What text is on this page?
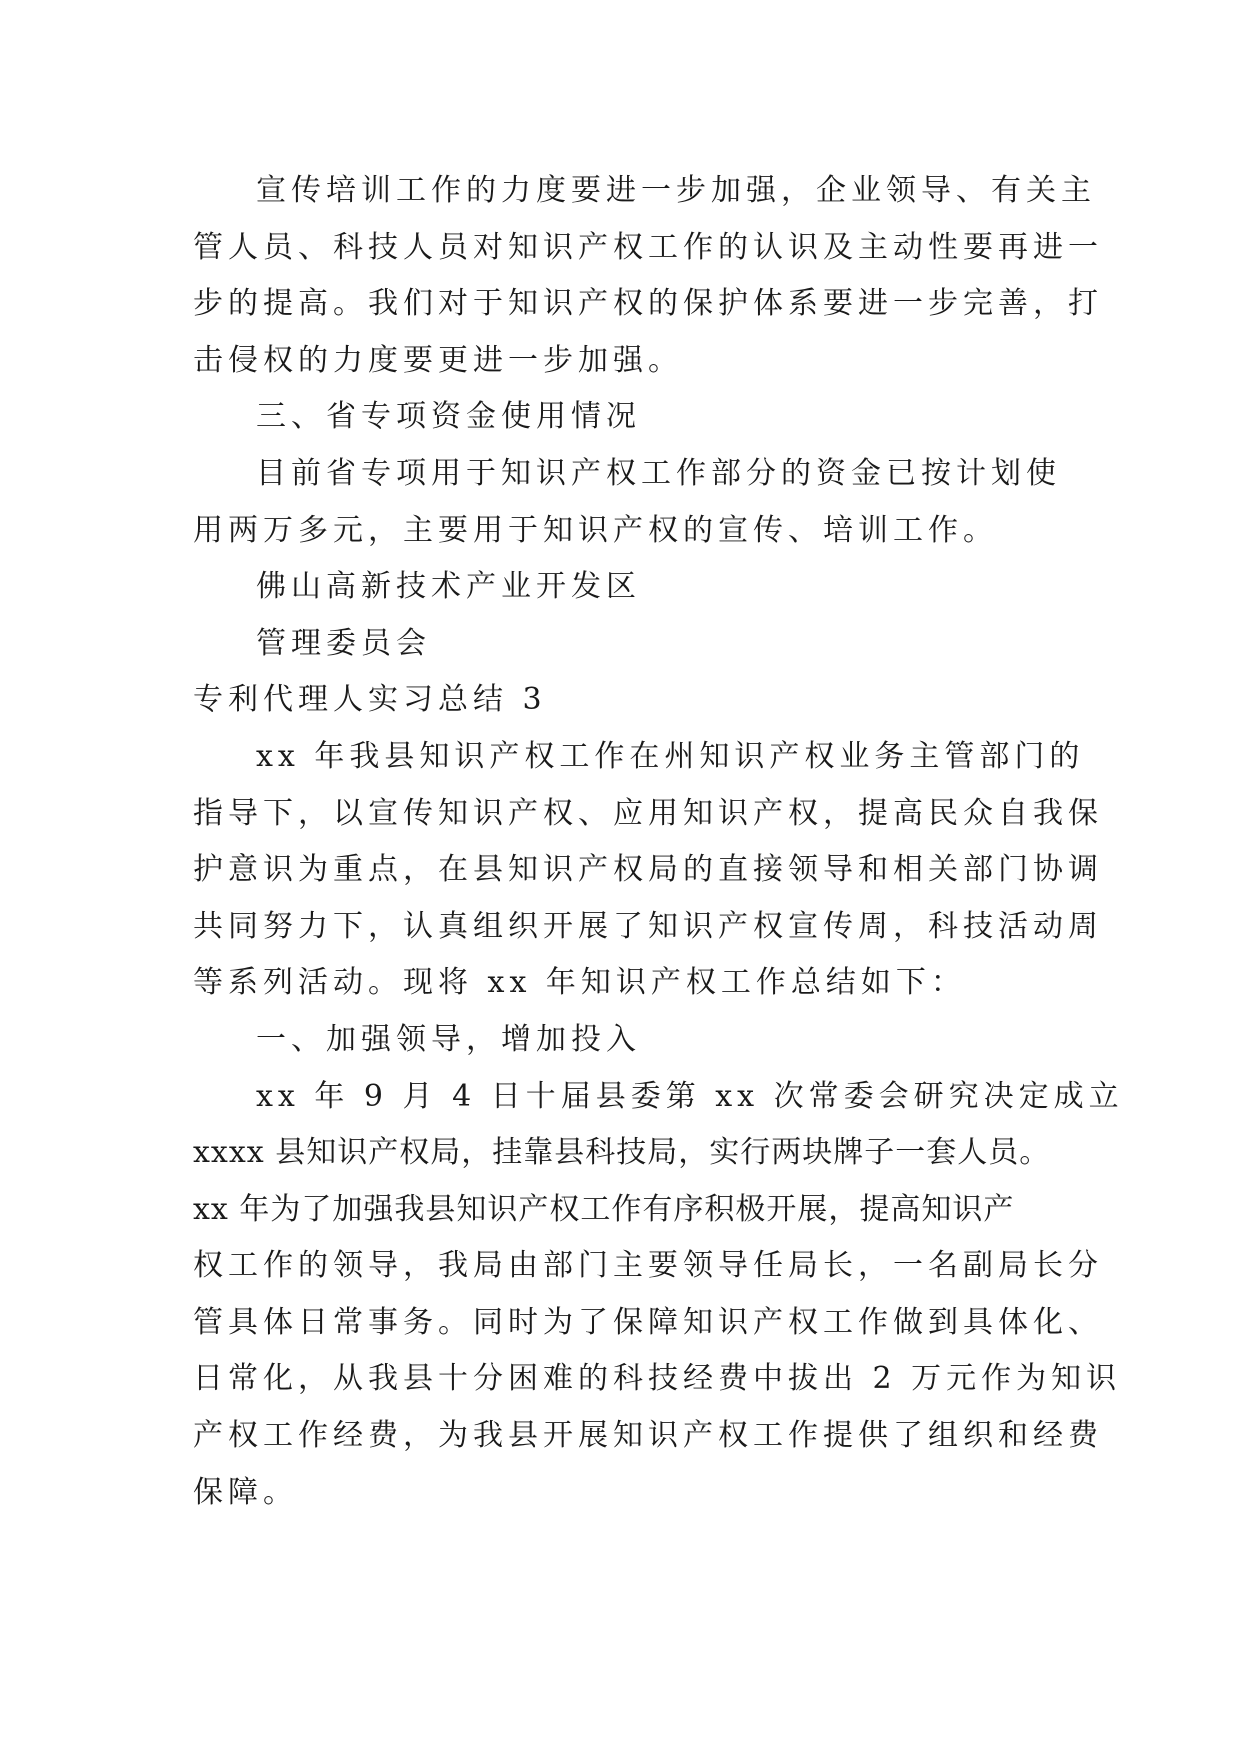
宣传培训工作的力度要进一步加强，企业领导、有关主
管人员、科技人员对知识产权工作的认识及主动性要再进一
步的提高。我们对于知识产权的保护体系要进一步完善，打
击侵权的力度要更进一步加强。
三、省专项资金使用情况
目前省专项用于知识产权工作部分的资金已按计划使
用两万多元，主要用于知识产权的宣传、培训工作。
佛山高新技术产业开发区
管理委员会
专利代理人实习总结 3
xx 年我县知识产权工作在州知识产权业务主管部门的
指导下，以宣传知识产权、应用知识产权，提高民众自我保
护意识为重点，在县知识产权局的直接领导和相关部门协调
共同努力下，认真组织开展了知识产权宣传周，科技活动周
等系列活动。现将 xx 年知识产权工作总结如下：
一、加强领导，增加投入
xx 年 9 月 4 日十届县委第 xx 次常委会研究决定成立
xxxx 县知识产权局，挂靠县科技局，实行两块牌子一套人员。
xx 年为了加强我县知识产权工作有序积极开展，提高知识产
权工作的领导，我局由部门主要领导任局长，一名副局长分
管具体日常事务。同时为了保障知识产权工作做到具体化、
日常化，从我县十分困难的科技经费中拔出 2 万元作为知识
产权工作经费，为我县开展知识产权工作提供了组织和经费
保障。
